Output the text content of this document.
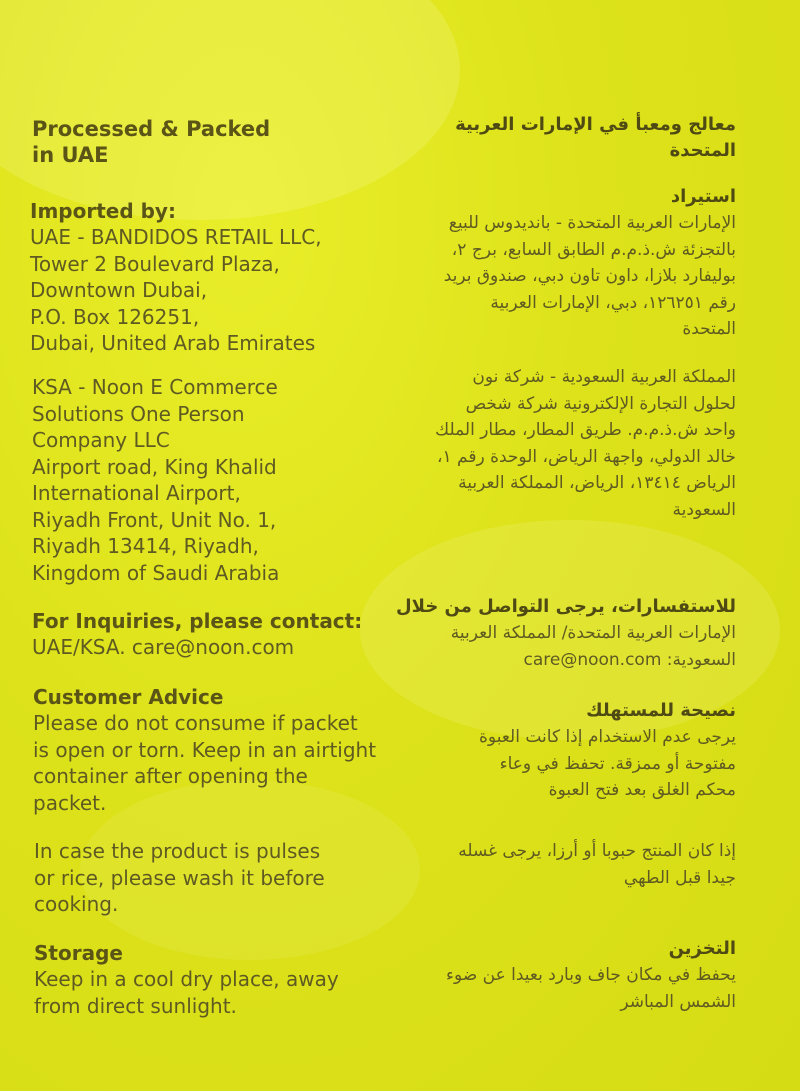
Processed & Packed
in UAE
Imported by:
UAE - BANDIDOS RETAIL LLC,
Tower 2 Boulevard Plaza,
Downtown Dubai,
P.O. Box 126251,
Dubai, United Arab Emirates
KSA - Noon E Commerce
Solutions One Person
Company LLC
Airport road, King Khalid
International Airport,
Riyadh Front, Unit No. 1,
Riyadh 13414, Riyadh,
Kingdom of Saudi Arabia
For Inquiries, please contact:
UAE/KSA. care@noon.com
Customer Advice
Please do not consume if packet
is open or torn. Keep in an airtight
container after opening the
packet.
In case the product is pulses
or rice, please wash it before
cooking.
Storage
Keep in a cool dry place, away
from direct sunlight.
معالج ومعبأ في الإمارات العربية
المتحدة
استيراد
الإمارات العربية المتحدة - بانديدوس للبيع
بالتجزئة ش.ذ.م.م الطابق السابع، برج ٢،
بوليفارد بلازا، داون تاون دبي، صندوق بريد
رقم ١٢٦٢٥١، دبي، الإمارات العربية
المتحدة
المملكة العربية السعودية - شركة نون
لحلول التجارة الإلكترونية شركة شخص
واحد ش.ذ.م.م. طريق المطار، مطار الملك
خالد الدولي، واجهة الرياض، الوحدة رقم ١،
الرياض ١٣٤١٤، الرياض، المملكة العربية
السعودية
للاستفسارات، يرجى التواصل من خلال
الإمارات العربية المتحدة/ المملكة العربية
السعودية: care@noon.com
نصيحة للمستهلك
يرجى عدم الاستخدام إذا كانت العبوة
مفتوحة أو ممزقة. تحفظ في وعاء
محكم الغلق بعد فتح العبوة
إذا كان المنتج حبوبا أو أرزا، يرجى غسله
جيدا قبل الطهي
التخزين
يحفظ في مكان جاف وبارد بعيدا عن ضوء
الشمس المباشر
